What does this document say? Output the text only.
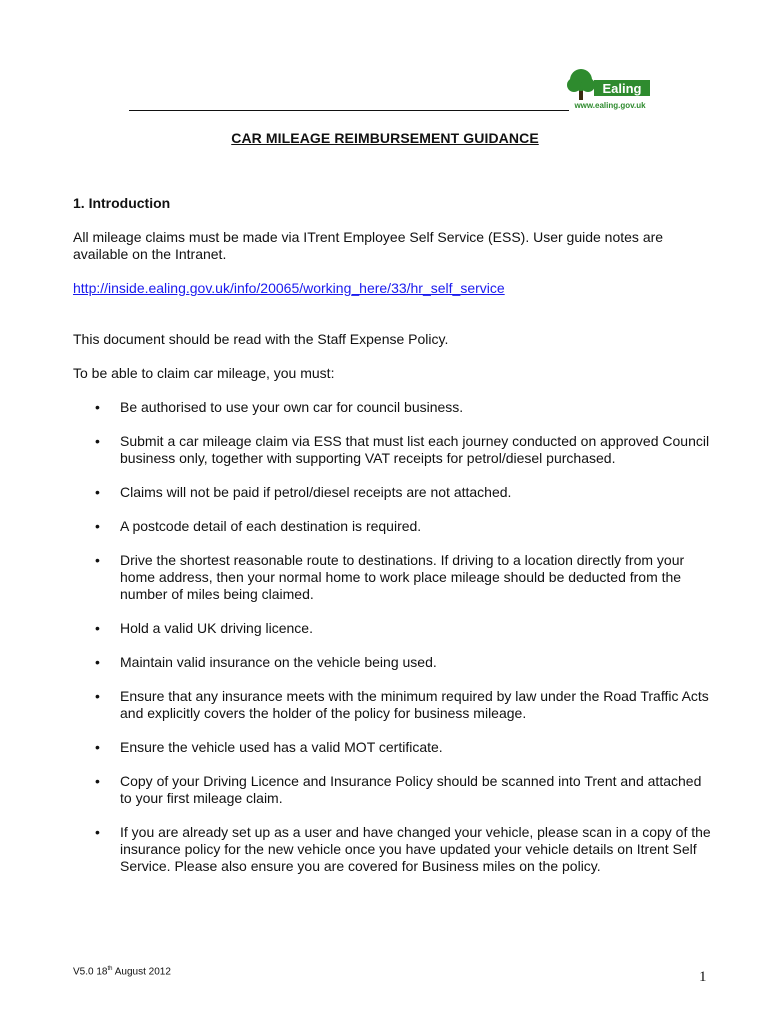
Ealing
www.ealing.gov.uk
CAR MILEAGE REIMBURSEMENT GUIDANCE

1. Introduction

All mileage claims must be made via ITrent Employee Self Service (ESS). User guide notes are available on the Intranet.

http://inside.ealing.gov.uk/info/20065/working_here/33/hr_self_service

This document should be read with the Staff Expense Policy.

To be able to claim car mileage, you must:

• Be authorised to use your own car for council business.
• Submit a car mileage claim via ESS that must list each journey conducted on approved Council business only, together with supporting VAT receipts for petrol/diesel purchased.
• Claims will not be paid if petrol/diesel receipts are not attached.
• A postcode detail of each destination is required.
• Drive the shortest reasonable route to destinations. If driving to a location directly from your home address, then your normal home to work place mileage should be deducted from the number of miles being claimed.
• Hold a valid UK driving licence.
• Maintain valid insurance on the vehicle being used.
• Ensure that any insurance meets with the minimum required by law under the Road Traffic Acts and explicitly covers the holder of the policy for business mileage.
• Ensure the vehicle used has a valid MOT certificate.
• Copy of your Driving Licence and Insurance Policy should be scanned into Trent and attached to your first mileage claim.
• If you are already set up as a user and have changed your vehicle, please scan in a copy of the insurance policy for the new vehicle once you have updated your vehicle details on Itrent Self Service. Please also ensure you are covered for Business miles on the policy.
V5.0 18th August 2012	1
